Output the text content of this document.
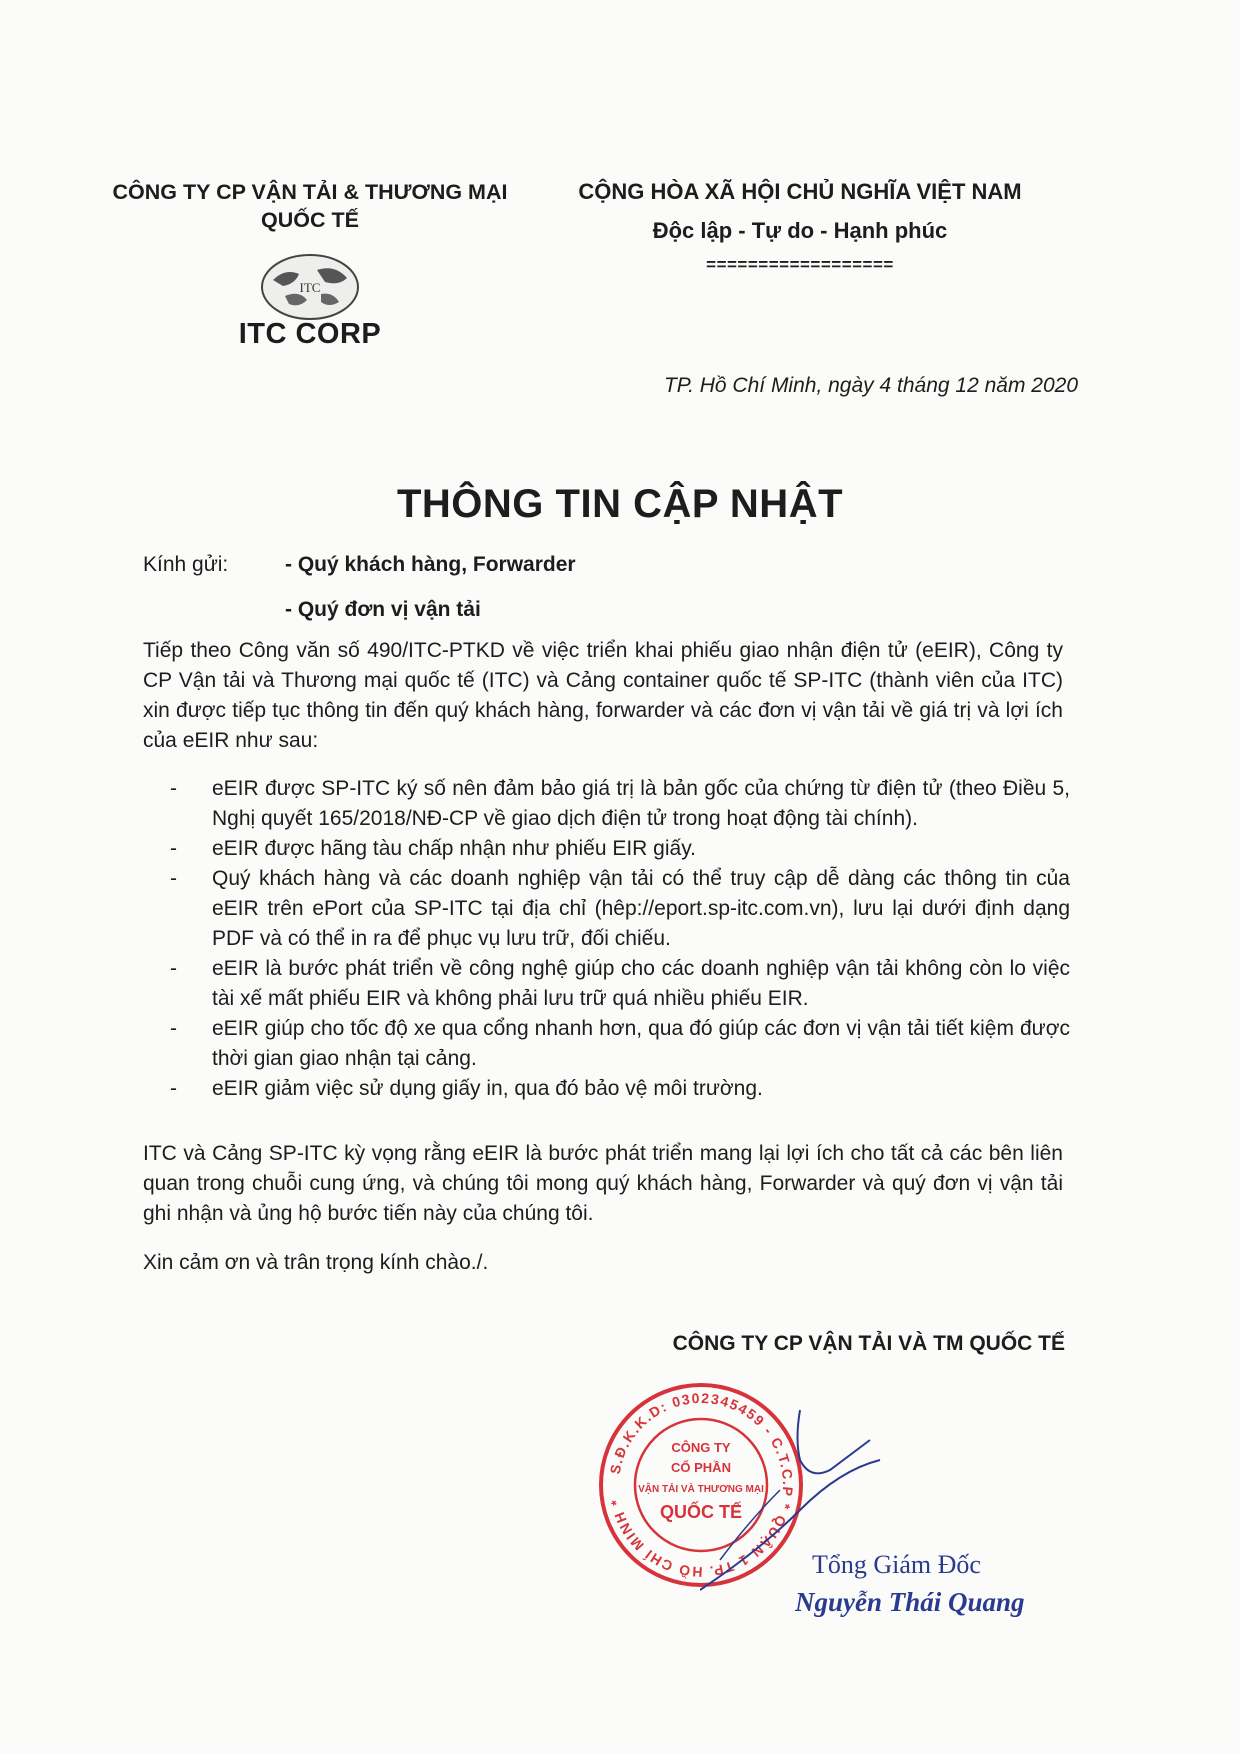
CÔNG TY CP VẬN TẢI & THƯƠNG MẠI QUỐC TẾ
ITC
ITC CORP
CỘNG HÒA XÃ HỘI CHỦ NGHĨA VIỆT NAM
Độc lập - Tự do - Hạnh phúc
==================
TP. Hồ Chí Minh, ngày 4 tháng 12 năm 2020
THÔNG TIN CẬP NHẬT
Kính gửi:	- Quý khách hàng, Forwarder
- Quý đơn vị vận tải
Tiếp theo Công văn số 490/ITC-PTKD về việc triển khai phiếu giao nhận điện tử (eEIR), Công ty CP Vận tải và Thương mại quốc tế (ITC) và Cảng container quốc tế SP-ITC (thành viên của ITC) xin được tiếp tục thông tin đến quý khách hàng, forwarder và các đơn vị vận tải về giá trị và lợi ích của eEIR như sau:
- eEIR được SP-ITC ký số nên đảm bảo giá trị là bản gốc của chứng từ điện tử (theo Điều 5, Nghị quyết 165/2018/NĐ-CP về giao dịch điện tử trong hoạt động tài chính).
- eEIR được hãng tàu chấp nhận như phiếu EIR giấy.
- Quý khách hàng và các doanh nghiệp vận tải có thể truy cập dễ dàng các thông tin của eEIR trên ePort của SP-ITC tại địa chỉ (hêp://eport.sp-itc.com.vn), lưu lại dưới định dạng PDF và có thể in ra để phục vụ lưu trữ, đối chiếu.
- eEIR là bước phát triển về công nghệ giúp cho các doanh nghiệp vận tải không còn lo việc tài xế mất phiếu EIR và không phải lưu trữ quá nhiều phiếu EIR.
- eEIR giúp cho tốc độ xe qua cổng nhanh hơn, qua đó giúp các đơn vị vận tải tiết kiệm được thời gian giao nhận tại cảng.
- eEIR giảm việc sử dụng giấy in, qua đó bảo vệ môi trường.
ITC và Cảng SP-ITC kỳ vọng rằng eEIR là bước phát triển mang lại lợi ích cho tất cả các bên liên quan trong chuỗi cung ứng, và chúng tôi mong quý khách hàng, Forwarder và quý đơn vị vận tải ghi nhận và ủng hộ bước tiến này của chúng tôi.
Xin cảm ơn và trân trọng kính chào./.
CÔNG TY CP VẬN TẢI VÀ TM QUỐC TẾ
S.Đ.K.K.D: 0302345459 - C.T.C.P * QUẬN 1 TP. HỒ CHÍ MINH *
CÔNG TY
CỔ PHẦN
VẬN TẢI VÀ THƯƠNG MẠI
QUỐC TẾ
Tổng Giám Đốc
Nguyễn Thái Quang
